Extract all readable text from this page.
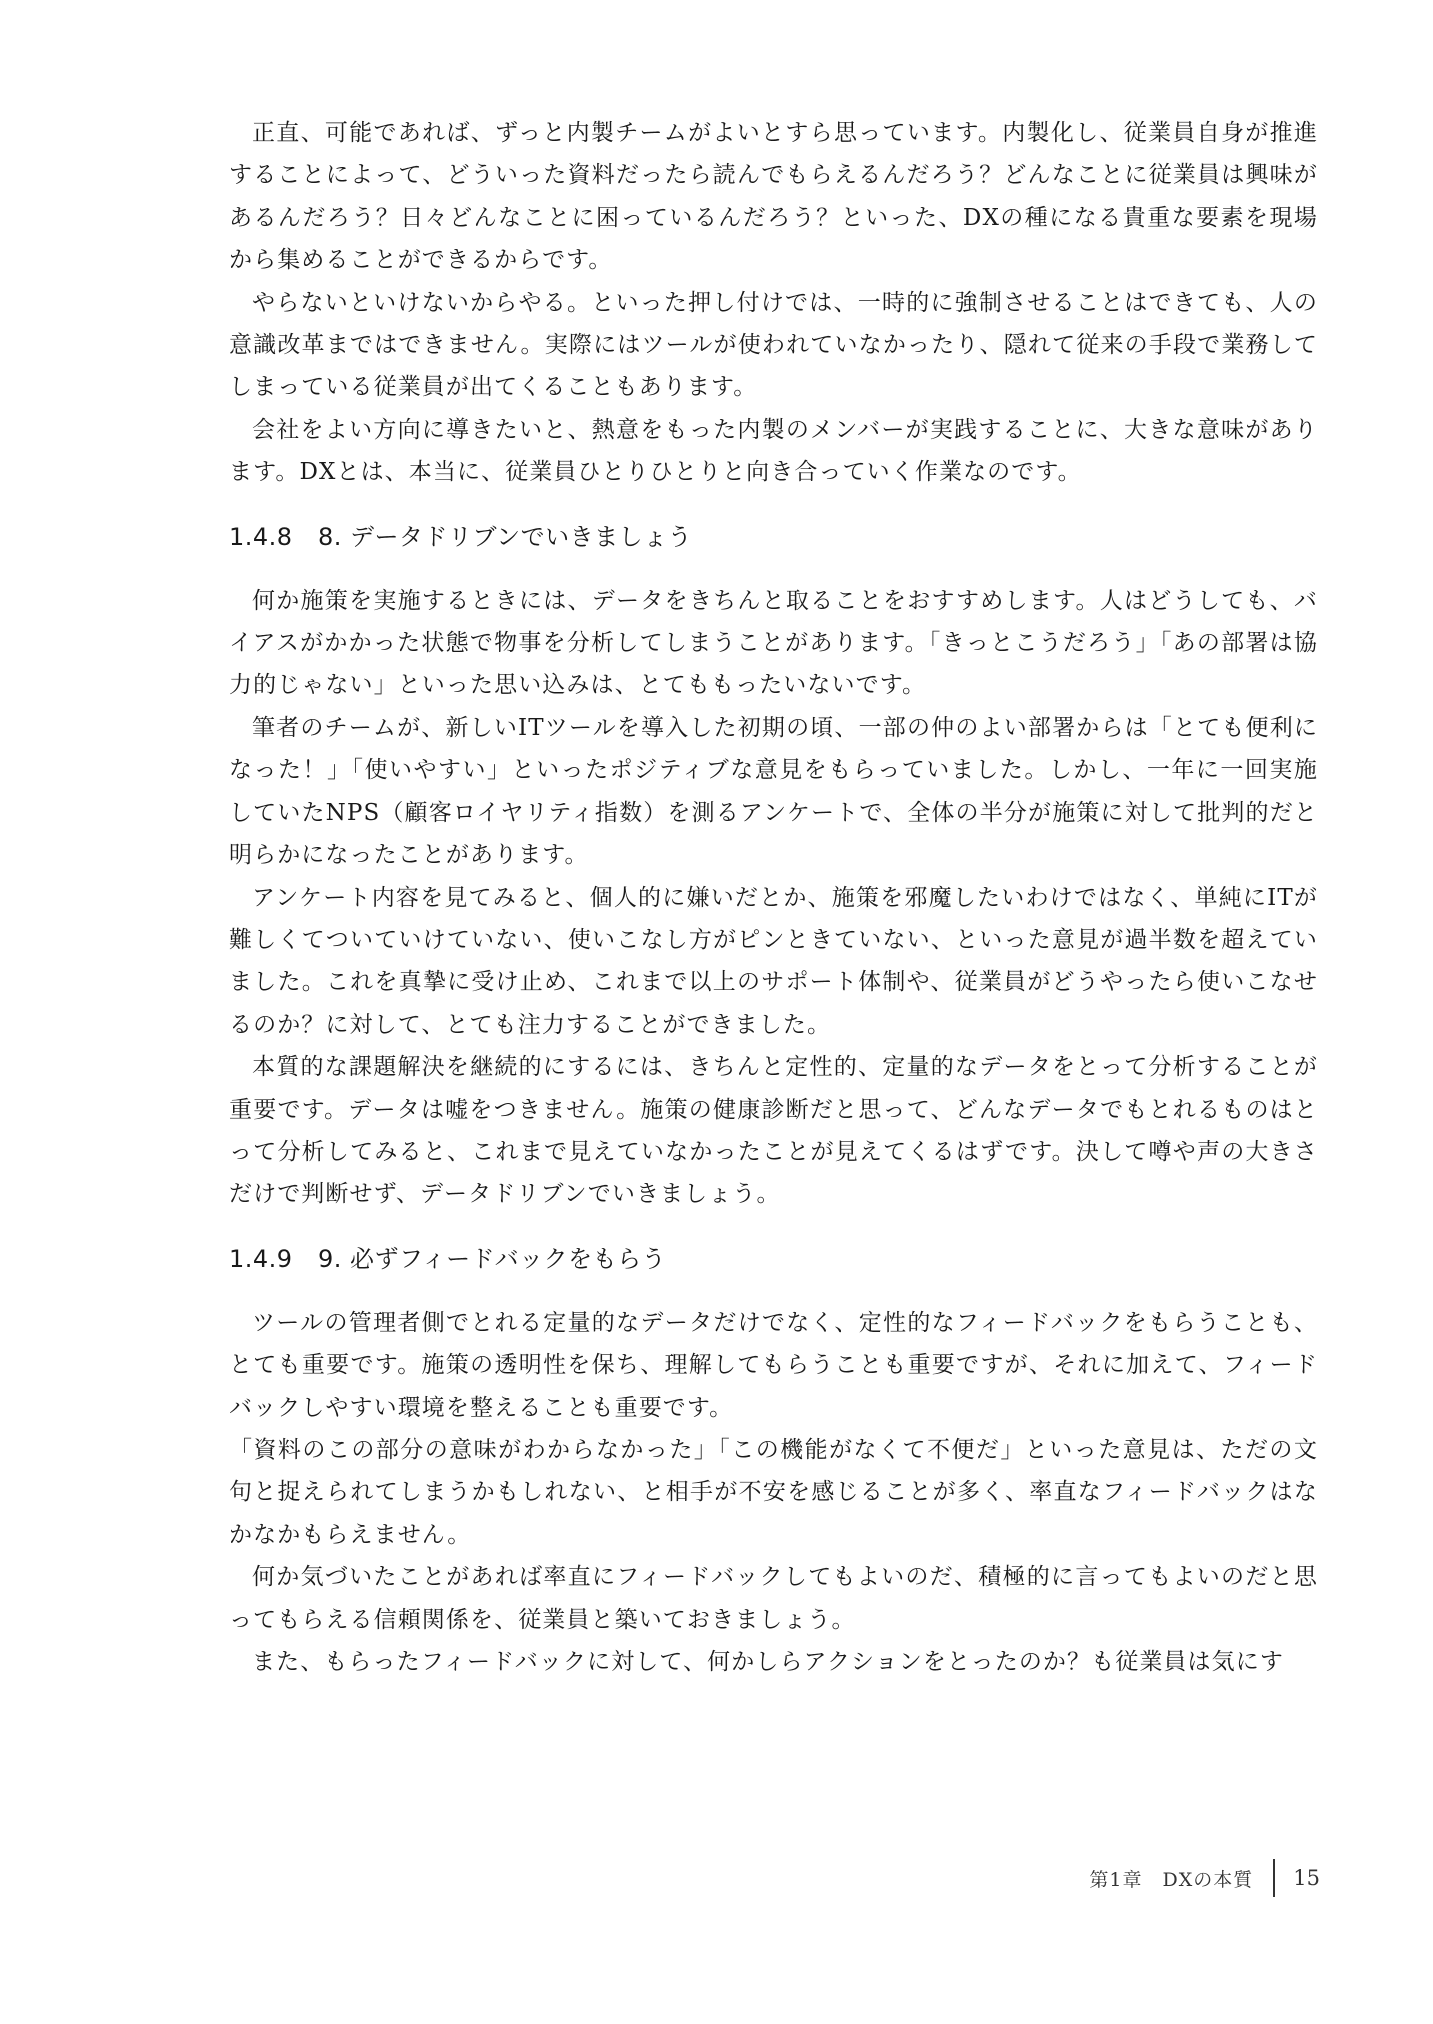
正直、可能であれば、ずっと内製チームがよいとすら思っています。内製化し、従業員自身が推進することによって、どういった資料だったら読んでもらえるんだろう？どんなことに従業員は興味があるんだろう？日々どんなことに困っているんだろう？といった、DXの種になる貴重な要素を現場から集めることができるからです。

やらないといけないからやる。といった押し付けでは、一時的に強制させることはできても、人の意識改革まではできません。実際にはツールが使われていなかったり、隠れて従来の手段で業務してしまっている従業員が出てくることもあります。

会社をよい方向に導きたいと、熱意をもった内製のメンバーが実践することに、大きな意味があります。DXとは、本当に、従業員ひとりひとりと向き合っていく作業なのです。

1.4.8	8. データドリブンでいきましょう

何か施策を実施するときには、データをきちんと取ることをおすすめします。人はどうしても、バイアスがかかった状態で物事を分析してしまうことがあります。「きっとこうだろう」「あの部署は協力的じゃない」といった思い込みは、とてももったいないです。

筆者のチームが、新しいITツールを導入した初期の頃、一部の仲のよい部署からは「とても便利になった！」「使いやすい」といったポジティブな意見をもらっていました。しかし、一年に一回実施していたNPS（顧客ロイヤリティ指数）を測るアンケートで、全体の半分が施策に対して批判的だと明らかになったことがあります。

アンケート内容を見てみると、個人的に嫌いだとか、施策を邪魔したいわけではなく、単純にITが難しくてついていけていない、使いこなし方がピンときていない、といった意見が過半数を超えていました。これを真摯に受け止め、これまで以上のサポート体制や、従業員がどうやったら使いこなせるのか？に対して、とても注力することができました。

本質的な課題解決を継続的にするには、きちんと定性的、定量的なデータをとって分析することが重要です。データは嘘をつきません。施策の健康診断だと思って、どんなデータでもとれるものはとって分析してみると、これまで見えていなかったことが見えてくるはずです。決して噂や声の大きさだけで判断せず、データドリブンでいきましょう。

1.4.9	9. 必ずフィードバックをもらう

ツールの管理者側でとれる定量的なデータだけでなく、定性的なフィードバックをもらうことも、とても重要です。施策の透明性を保ち、理解してもらうことも重要ですが、それに加えて、フィードバックしやすい環境を整えることも重要です。

「資料のこの部分の意味がわからなかった」「この機能がなくて不便だ」といった意見は、ただの文句と捉えられてしまうかもしれない、と相手が不安を感じることが多く、率直なフィードバックはなかなかもらえません。

何か気づいたことがあれば率直にフィードバックしてもよいのだ、積極的に言ってもよいのだと思ってもらえる信頼関係を、従業員と築いておきましょう。

また、もらったフィードバックに対して、何かしらアクションをとったのか？も従業員は気にす

第1章　DXの本質 15
